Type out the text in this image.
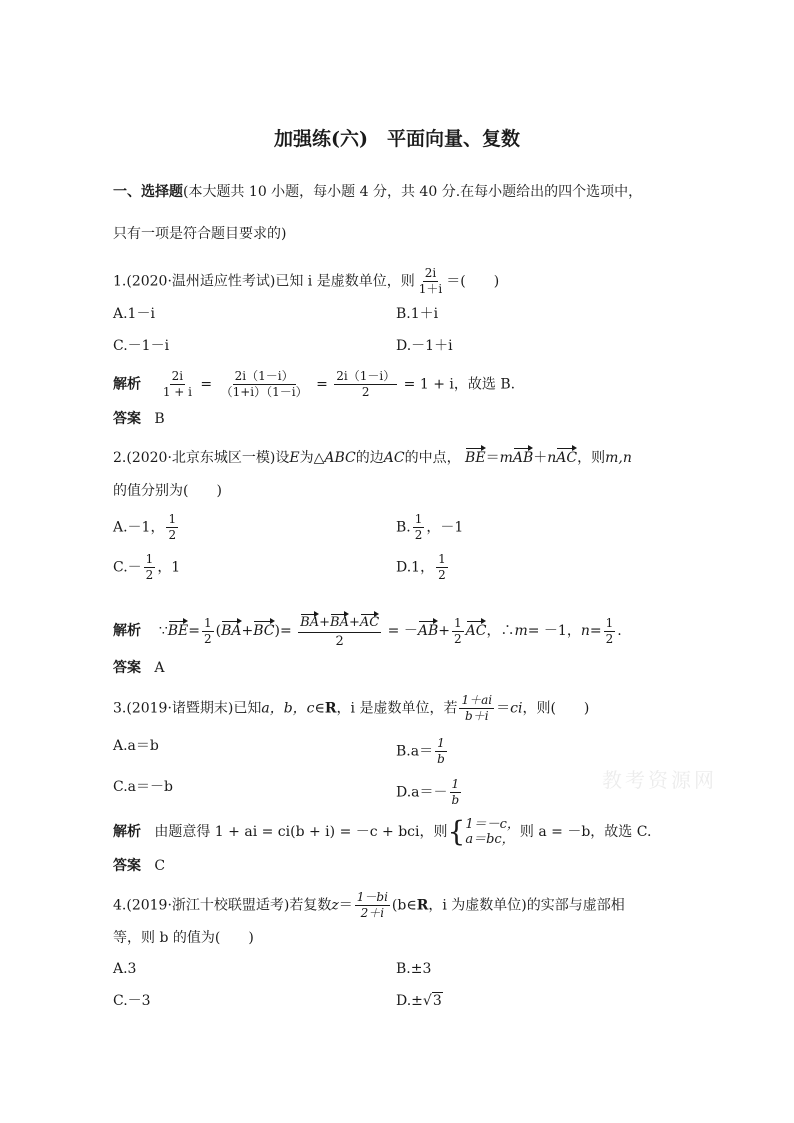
加强练(六)　平面向量、复数
一、选择题(本大题共 10 小题，每小题 4 分，共 40 分.在每小题给出的四个选项中，
只有一项是符合题目要求的)
1.(2020·温州适应性考试)已知 i 是虚数单位，则 $\frac{2i}{1+i}$ ＝(　　)
A.1－i	B.1＋i
C.－1－i	D.－1＋i
解析 $\frac{2i}{1 + i} = \frac{2i(1-i)}{(1+i)(1-i)} = \frac{2i(1-i)}{2} = 1 + i$，故选 B.
答案 B
2.(2020·北京东城区一模)设E为△ABC的边AC的中点， BE＝mAB＋nAC，则m,n
的值分别为(　　)
A.－1， $\frac{1}{2}$	B. $\frac{1}{2}$ ，－1
$C.- \frac{1}{2}$ ，1	D.1， $\frac{1}{2}$
解析 ∵BE= $\frac{1}{2} (BA+BC)= \frac{BA+BA+AC}{2} = -AB+ \frac{1}{2}$ AC，∴m= －1，$n= \frac{1}{2}$ .
答案 A
3.(2019·诸暨期末)已知a，b，c∈R，i 是虚数单位，若 $\frac{1+ai}{b+i} =ci$，则(　　)
A.a＝b	$B.a= \frac{1}{b}$
C.a＝－b	$D.a=- \frac{1}{b}$
解析 由题意得 1 + ai = ci(b + i) = －c + bci，则 { 1＝－c，
a＝bc， 则 a = －b，故选 C.
答案 C
4.(2019·浙江十校联盟适考)若复数$z= \frac{1-bi}{2+i}$ (b∈R，i 为虚数单位)的实部与虚部相
等，则 b 的值为(　　)
A.3	B.±3
C.－3	D.±√3
教考资源网
